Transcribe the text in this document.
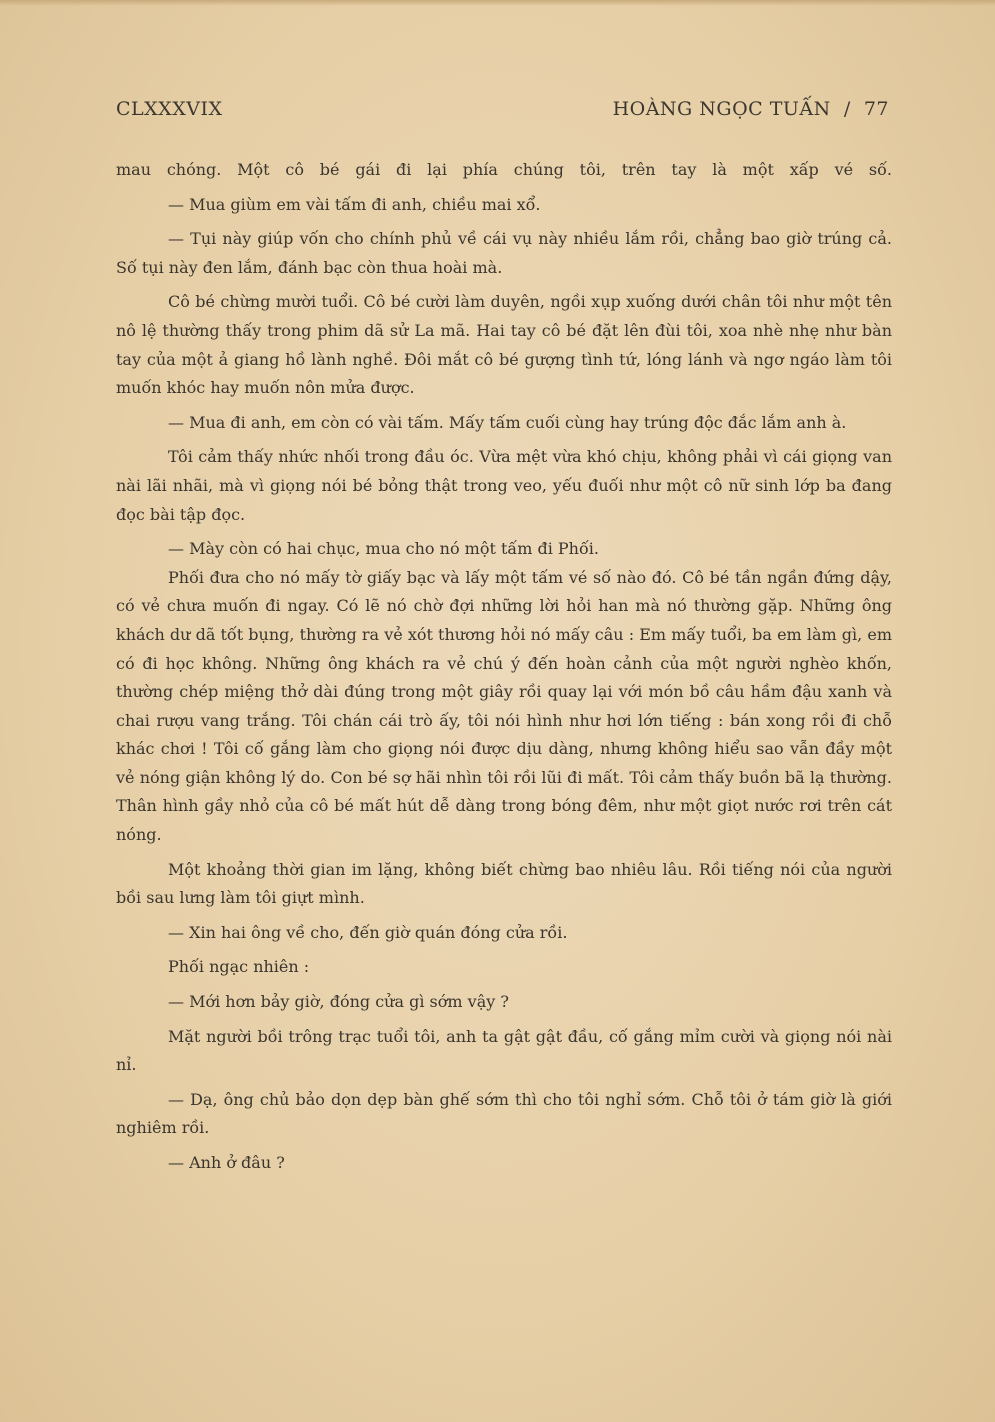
CLXXXVIX	HOÀNG NGỌC TUẤN  /  77

mau chóng. Một cô bé gái đi lại phía chúng tôi, trên tay là một xấp vé số.

— Mua giùm em vài tấm đi anh, chiều mai xổ.

— Tụi này giúp vốn cho chính phủ về cái vụ này nhiều lắm rồi, chẳng bao giờ trúng cả. Số tụi này đen lắm, đánh bạc còn thua hoài mà.

Cô bé chừng mười tuổi. Cô bé cười làm duyên, ngồi xụp xuống dưới chân tôi như một tên nô lệ thường thấy trong phim dã sử La mã. Hai tay cô bé đặt lên đùi tôi, xoa nhè nhẹ như bàn tay của một ả giang hồ lành nghề. Đôi mắt cô bé gượng tình tứ, lóng lánh và ngơ ngáo làm tôi muốn khóc hay muốn nôn mửa được.

— Mua đi anh, em còn có vài tấm. Mấy tấm cuối cùng hay trúng độc đắc lắm anh à.

Tôi cảm thấy nhức nhối trong đầu óc. Vừa mệt vừa khó chịu, không phải vì cái giọng van nài lãi nhãi, mà vì giọng nói bé bỏng thật trong veo, yếu đuối như một cô nữ sinh lớp ba đang đọc bài tập đọc.

— Mày còn có hai chục, mua cho nó một tấm đi Phối.

Phối đưa cho nó mấy tờ giấy bạc và lấy một tấm vé số nào đó. Cô bé tần ngần đứng dậy, có vẻ chưa muốn đi ngay. Có lẽ nó chờ đợi những lời hỏi han mà nó thường gặp. Những ông khách dư dã tốt bụng, thường ra vẻ xót thương hỏi nó mấy câu : Em mấy tuổi, ba em làm gì, em có đi học không. Những ông khách ra vẻ chú ý đến hoàn cảnh của một người nghèo khốn, thường chép miệng thở dài đúng trong một giây rồi quay lại với món bồ câu hầm đậu xanh và chai rượu vang trắng. Tôi chán cái trò ấy, tôi nói hình như hơi lớn tiếng : bán xong rồi đi chỗ khác chơi ! Tôi cố gắng làm cho giọng nói được dịu dàng, nhưng không hiểu sao vẫn đầy một vẻ nóng giận không lý do. Con bé sợ hãi nhìn tôi rồi lũi đi mất. Tôi cảm thấy buồn bã lạ thường. Thân hình gầy nhỏ của cô bé mất hút dễ dàng trong bóng đêm, như một giọt nước rơi trên cát nóng.

Một khoảng thời gian im lặng, không biết chừng bao nhiêu lâu. Rồi tiếng nói của người bồi sau lưng làm tôi giựt mình.

— Xin hai ông về cho, đến giờ quán đóng cửa rồi.

Phối ngạc nhiên :

— Mới hơn bảy giờ, đóng cửa gì sớm vậy ?

Mặt người bồi trông trạc tuổi tôi, anh ta gật gật đầu, cố gắng mỉm cười và giọng nói nài nỉ.

— Dạ, ông chủ bảo dọn dẹp bàn ghế sớm thì cho tôi nghỉ sớm. Chỗ tôi ở tám giờ là giới nghiêm rồi.

— Anh ở đâu ?
